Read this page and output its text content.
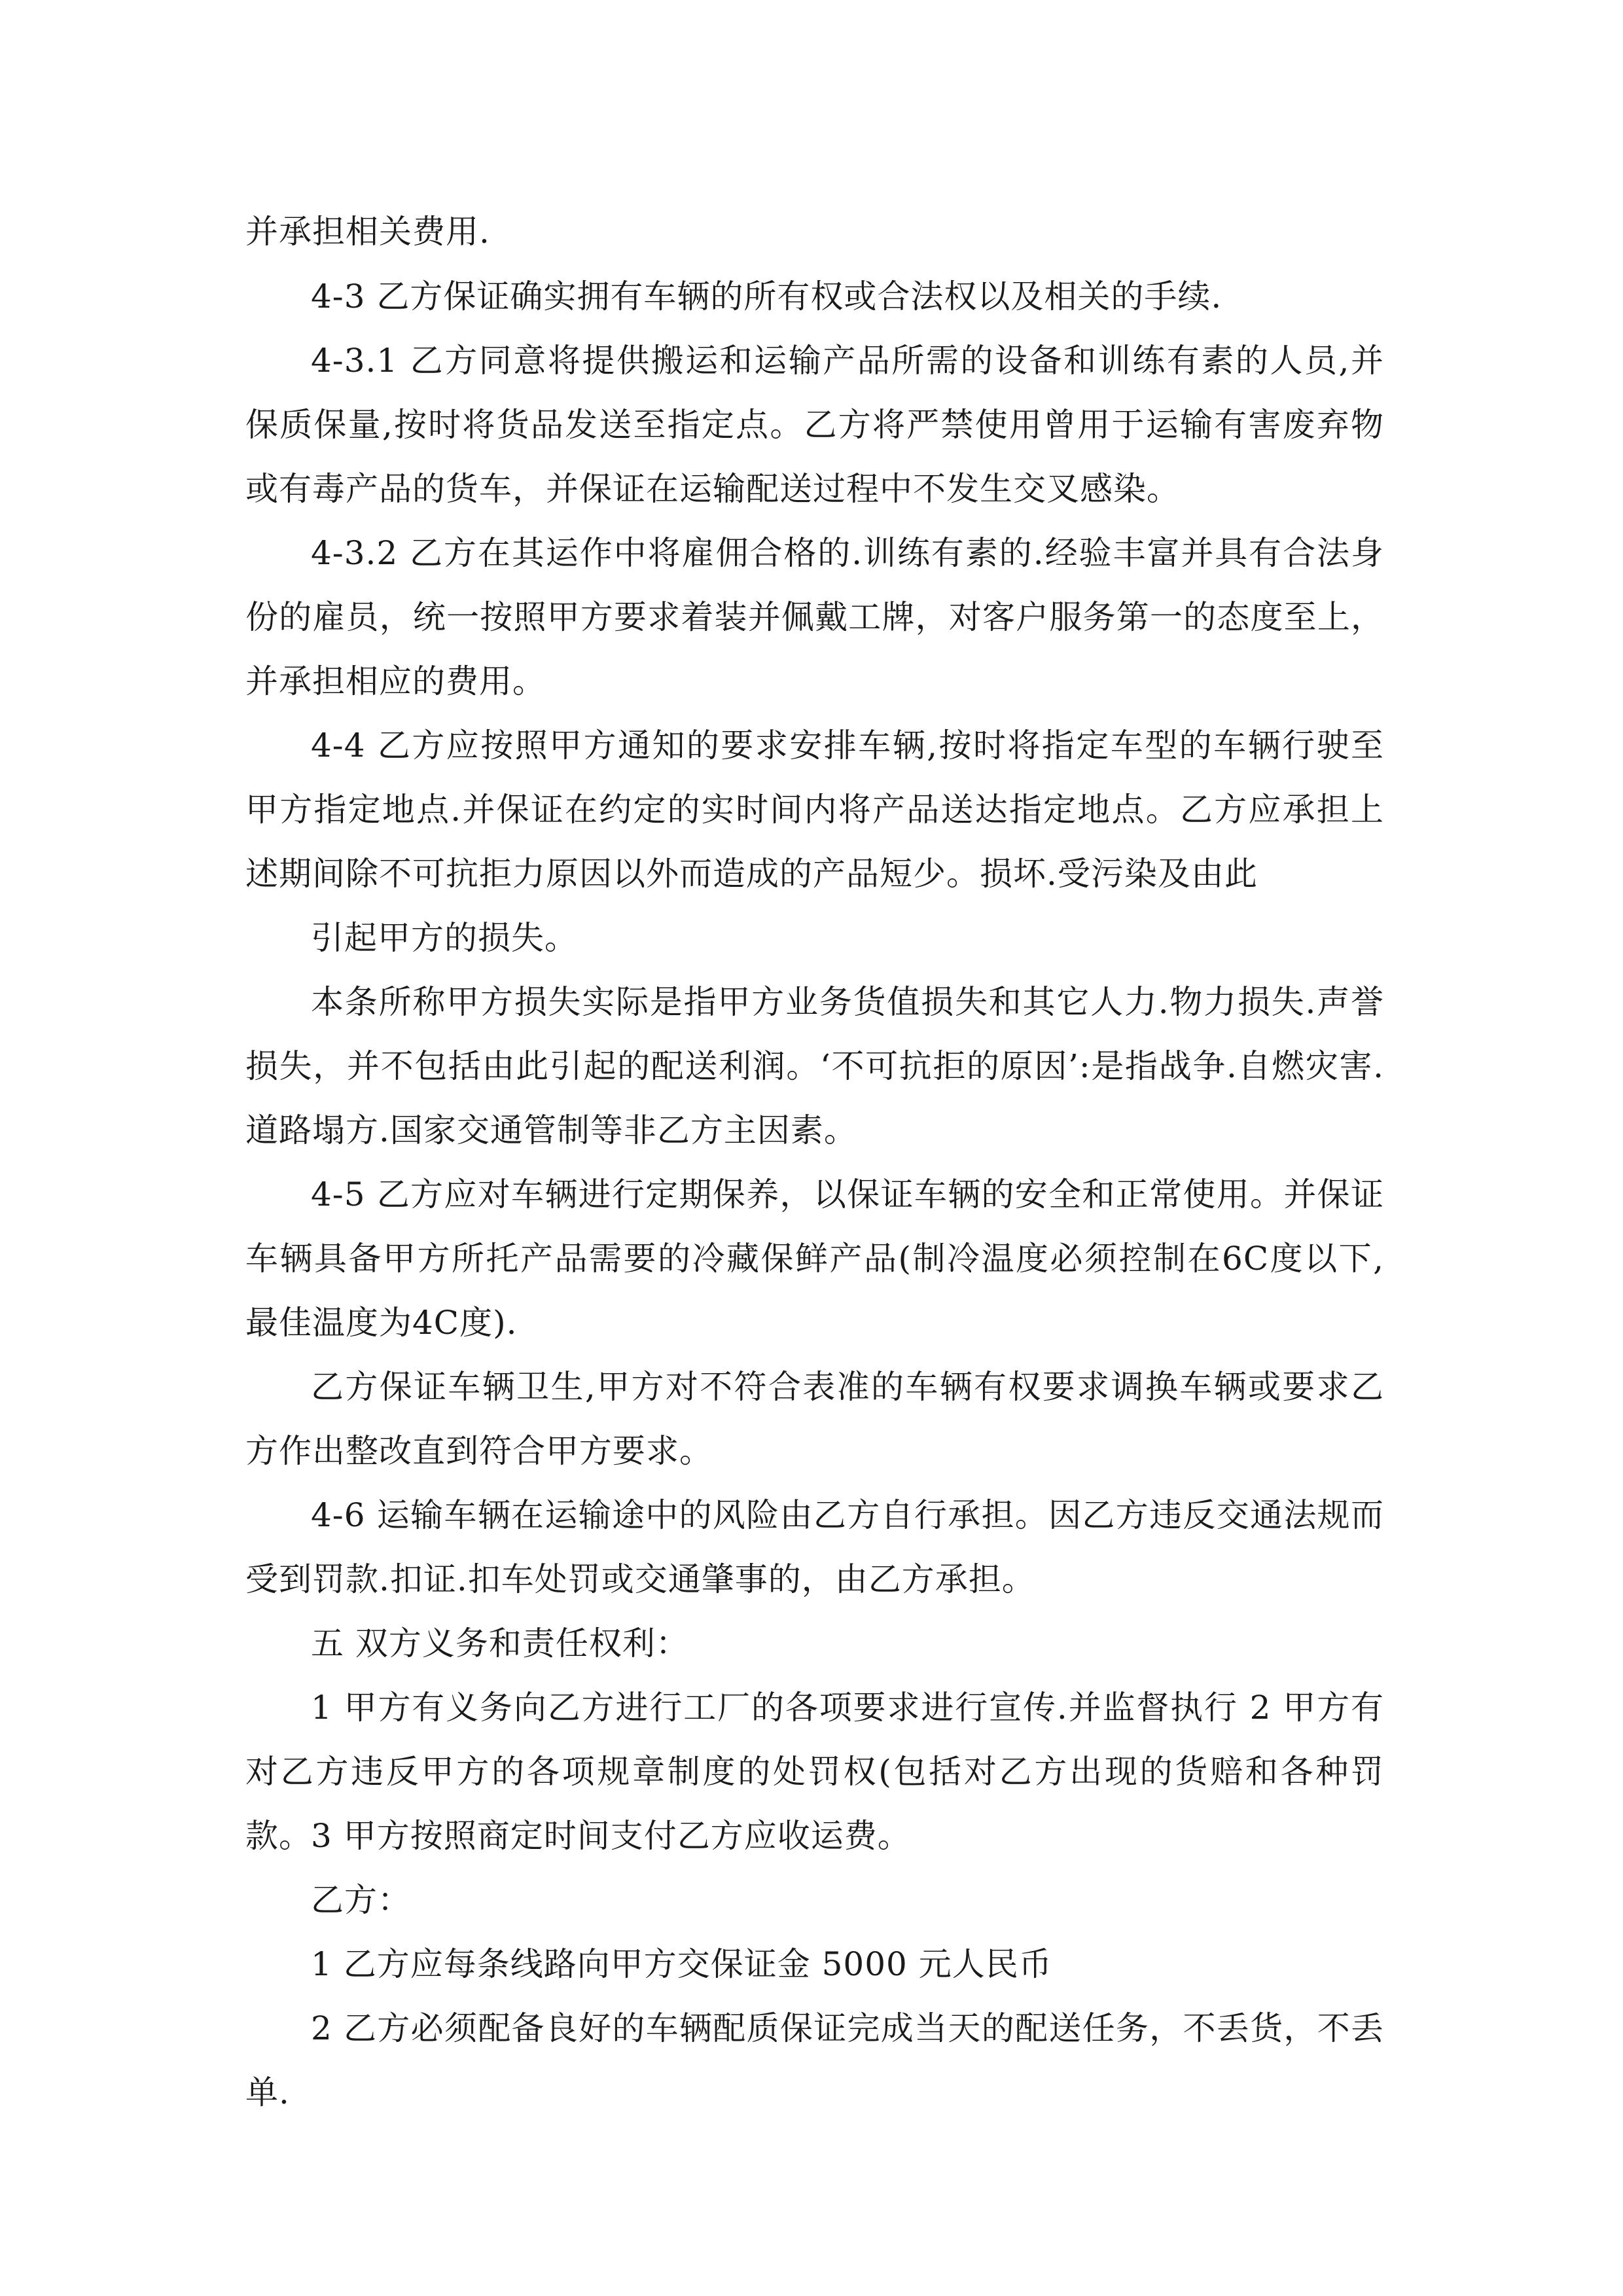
并承担相关费用.

4-3 乙方保证确实拥有车辆的所有权或合法权以及相关的手续.

4-3.1 乙方同意将提供搬运和运输产品所需的设备和训练有素的人员,并保质保量,按时将货品发送至指定点。乙方将严禁使用曾用于运输有害废弃物或有毒产品的货车，并保证在运输配送过程中不发生交叉感染。

4-3.2 乙方在其运作中将雇佣合格的.训练有素的.经验丰富并具有合法身份的雇员，统一按照甲方要求着装并佩戴工牌，对客户服务第一的态度至上，并承担相应的费用。

4-4 乙方应按照甲方通知的要求安排车辆,按时将指定车型的车辆行驶至甲方指定地点.并保证在约定的实时间内将产品送达指定地点。乙方应承担上述期间除不可抗拒力原因以外而造成的产品短少。损坏.受污染及由此

引起甲方的损失。

本条所称甲方损失实际是指甲方业务货值损失和其它人力.物力损失.声誉损失，并不包括由此引起的配送利润。‘不可抗拒的原因’:是指战争.自燃灾害.道路塌方.国家交通管制等非乙方主因素。

4-5 乙方应对车辆进行定期保养，以保证车辆的安全和正常使用。并保证车辆具备甲方所托产品需要的冷藏保鲜产品(制冷温度必须控制在6C度以下,最佳温度为4C度).

乙方保证车辆卫生,甲方对不符合表准的车辆有权要求调换车辆或要求乙方作出整改直到符合甲方要求。

4-6 运输车辆在运输途中的风险由乙方自行承担。因乙方违反交通法规而受到罚款.扣证.扣车处罚或交通肇事的，由乙方承担。

五 双方义务和责任权利：

1 甲方有义务向乙方进行工厂的各项要求进行宣传.并监督执行 2 甲方有对乙方违反甲方的各项规章制度的处罚权(包括对乙方出现的货赔和各种罚款。

3 甲方按照商定时间支付乙方应收运费。

乙方：

1 乙方应每条线路向甲方交保证金 5000 元人民币

2 乙方必须配备良好的车辆配质保证完成当天的配送任务，不丢货，不丢单.
